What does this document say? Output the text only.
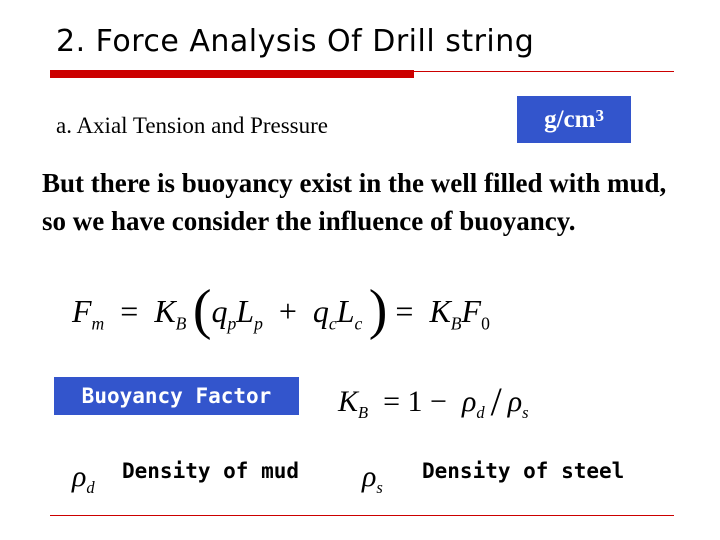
2. Force Analysis Of Drill string
a. Axial Tension and Pressure	$g/cm^3$
But there is buoyancy exist in the well filled with mud, so we have consider the influence of buoyancy.
$F_m = K_B$  ($q_pL_p + q_cL_c$  ) =  $K_BF_0$
Buoyancy Factor	$K_B = 1 - \rho_d / \rho_s$
$\rho_d$
Density of mud $\rho_s$
Density of steel
